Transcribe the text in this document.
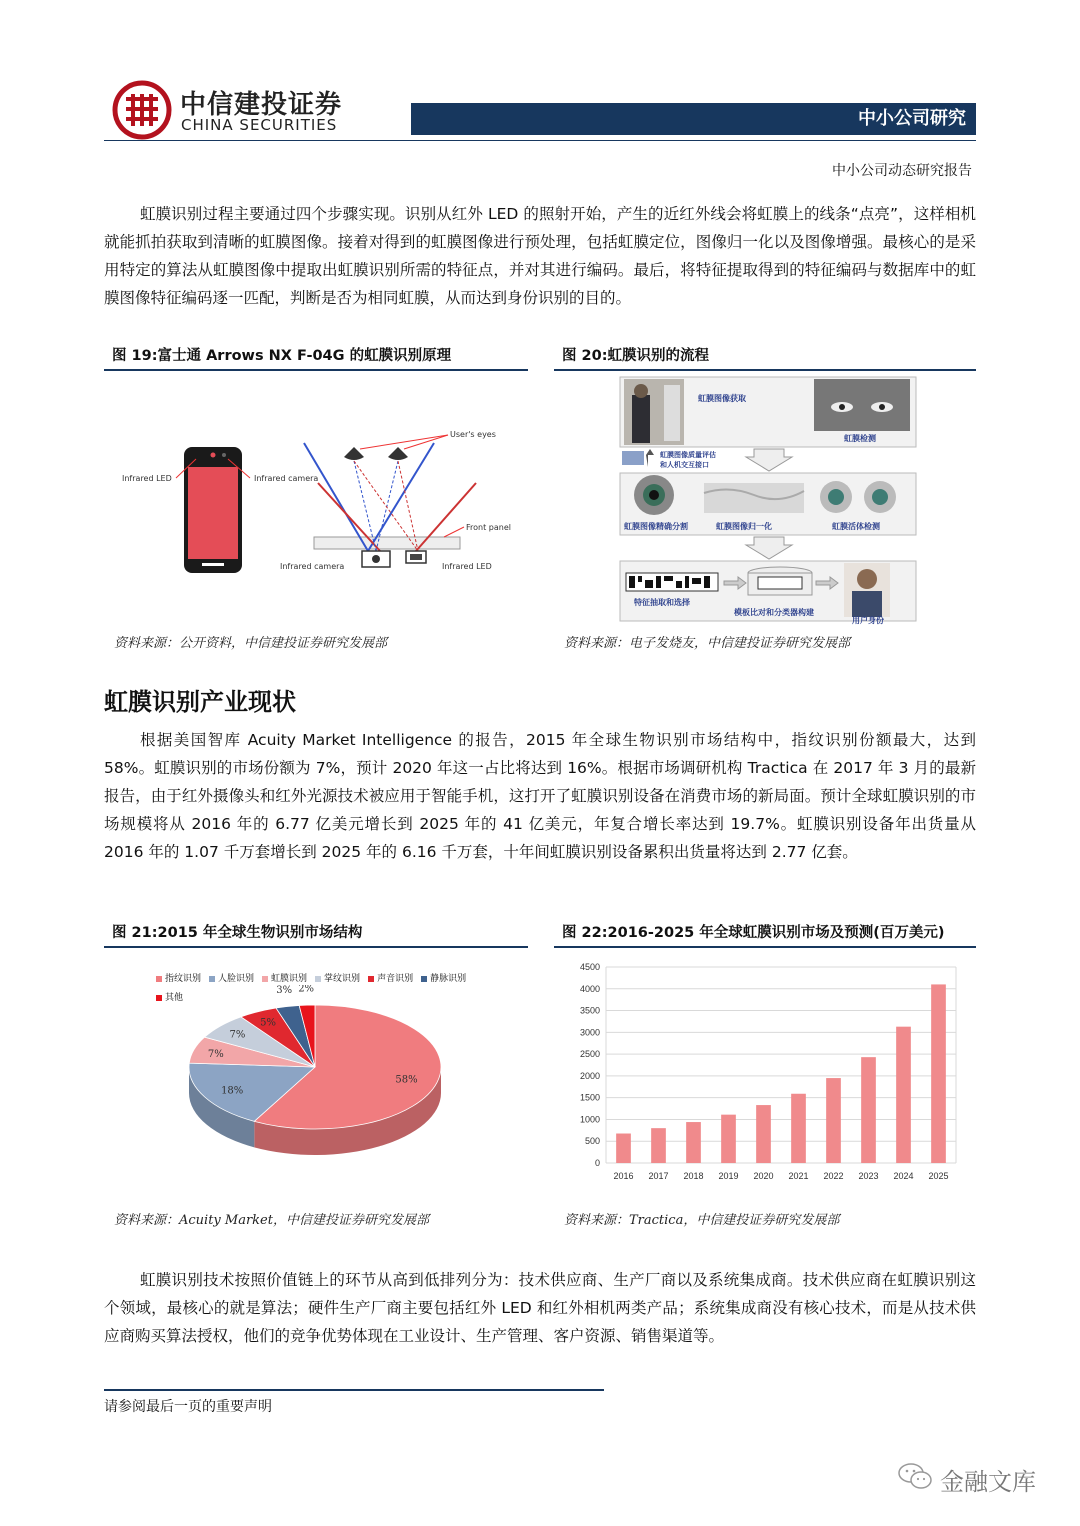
中信建投证券
CHINA SECURITIES	中小公司研究
中小公司动态研究报告
虹膜识别过程主要通过四个步骤实现。识别从红外 LED 的照射开始，产生的近红外线会将虹膜上的线条“点亮”，这样相机就能抓拍获取到清晰的虹膜图像。接着对得到的虹膜图像进行预处理，包括虹膜定位，图像归一化以及图像增强。最核心的是采用特定的算法从虹膜图像中提取出虹膜识别所需的特征点，并对其进行编码。最后，将特征提取得到的特征编码与数据库中的虹膜图像特征编码逐一匹配，判断是否为相同虹膜，从而达到身份识别的目的。
图 19:富士通 Arrows NX F-04G 的虹膜识别原理
Infrared LED	Infrared camera
Front panel
User's eyes
Infrared camera	Infrared LED
资料来源：公开资料，中信建投证券研究发展部
图 20:虹膜识别的流程
虹膜图像获取
虹膜检测
虹膜图像质量评估
和人机交互接口
虹膜图像精确分割	虹膜图像归一化	虹膜活体检测
特征抽取和选择
模板比对和分类器构建
用户身份
资料来源：电子发烧友，中信建投证券研究发展部
虹膜识别产业现状
根据美国智库 Acuity Market Intelligence 的报告，2015 年全球生物识别市场结构中，指纹识别份额最大，达到 58%。虹膜识别的市场份额为 7%，预计 2020 年这一占比将达到 16%。根据市场调研机构 Tractica 在 2017 年 3 月的最新报告，由于红外摄像头和红外光源技术被应用于智能手机，这打开了虹膜识别设备在消费市场的新局面。预计全球虹膜识别的市场规模将从 2016 年的 6.77 亿美元增长到 2025 年的 41 亿美元，年复合增长率达到 19.7%。虹膜识别设备年出货量从 2016 年的 1.07 千万套增长到 2025 年的 6.16 千万套，十年间虹膜识别设备累积出货量将达到 2.77 亿套。
图 21:2015 年全球生物识别市场结构
指纹识别 人脸识别 虹膜识别 掌纹识别 声音识别 静脉识别其他
58%
18%
7%
7%
5%
3% 2%
资料来源：Acuity Market，中信建投证券研究发展部
图 22:2016-2025 年全球虹膜识别市场及预测(百万美元)
0
500
1000
1500
2000
2500
3000
3500
4000
4500
2016 2017 2018 2019 2020 2021 2022 2023 2024 2025
资料来源：Tractica，中信建投证券研究发展部
虹膜识别技术按照价值链上的环节从高到低排列分为：技术供应商、生产厂商以及系统集成商。技术供应商在虹膜识别这个领域，最核心的就是算法；硬件生产厂商主要包括红外 LED 和红外相机两类产品；系统集成商没有核心技术，而是从技术供应商购买算法授权，他们的竞争优势体现在工业设计、生产管理、客户资源、销售渠道等。
请参阅最后一页的重要声明
金融文库
